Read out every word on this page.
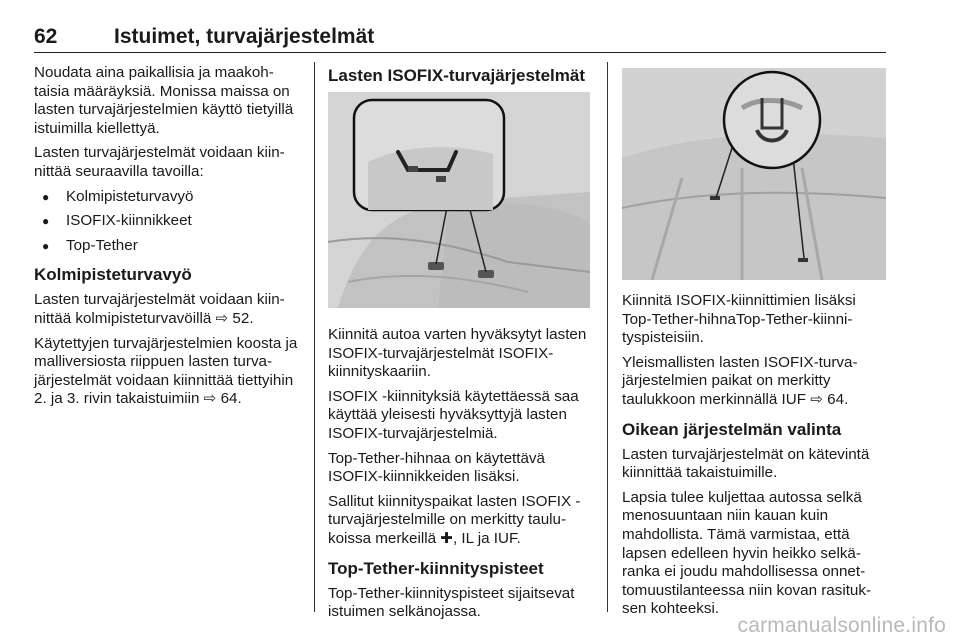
62	Istuimet, turvajärjestelmät

Noudata aina paikallisia ja maakohtaisia määräyksiä. Monissa maissa on lasten turvajärjestelmien käyttö tietyillä istuimilla kiellettyä.

Lasten turvajärjestelmät voidaan kiinnittää seuraavilla tavoilla:

● Kolmipisteturvavyö
● ISOFIX-kiinnikkeet
● Top-Tether
Kolmipisteturvavyö

Lasten turvajärjestelmät voidaan kiinnittää kolmipisteturvavöillä ⇨ 52.

Käytettyjen turvajärjestelmien koosta ja malliversiosta riippuen lasten turvajärjestelmät voidaan kiinnittää tiettyihin 2. ja 3. rivin takaistuimiin ⇨ 64.

Lasten ISOFIX-turvajärjestelmät

Kiinnitä autoa varten hyväksytyt lasten ISOFIX-turvajärjestelmät ISOFIX-kiinnityskaariin.

ISOFIX -kiinnityksiä käytettäessä saa käyttää yleisesti hyväksyttyjä lasten ISOFIX-turvajärjestelmiä.

Top-Tether-hihnaa on käytettävä ISOFIX-kiinnikkeiden lisäksi.

Sallitut kiinnityspaikat lasten ISOFIX -turvajärjestelmille on merkitty taulukoissa merkeillä ✚, IL ja IUF.

Top-Tether-kiinnityspisteet

Top-Tether-kiinnityspisteet sijaitsevat istuimen selkänojassa.

Kiinnitä ISOFIX-kiinnittimien lisäksi Top-Tether-hihnaTop-Tether-kiinnityspisteisiin.

Yleismallisten lasten ISOFIX-turvajärjestelmien paikat on merkitty taulukkoon merkinnällä IUF ⇨ 64.

Oikean järjestelmän valinta

Lasten turvajärjestelmät on kätevintä kiinnittää takaistuimille.

Lapsia tulee kuljettaa autossa selkä menosuuntaan niin kauan kuin mahdollista. Tämä varmistaa, että lapsen edelleen hyvin heikko selkäranka ei joudu mahdollisessa onnettomuustilanteessa niin kovan rasituksen kohteeksi.

carmanualsonline.info
